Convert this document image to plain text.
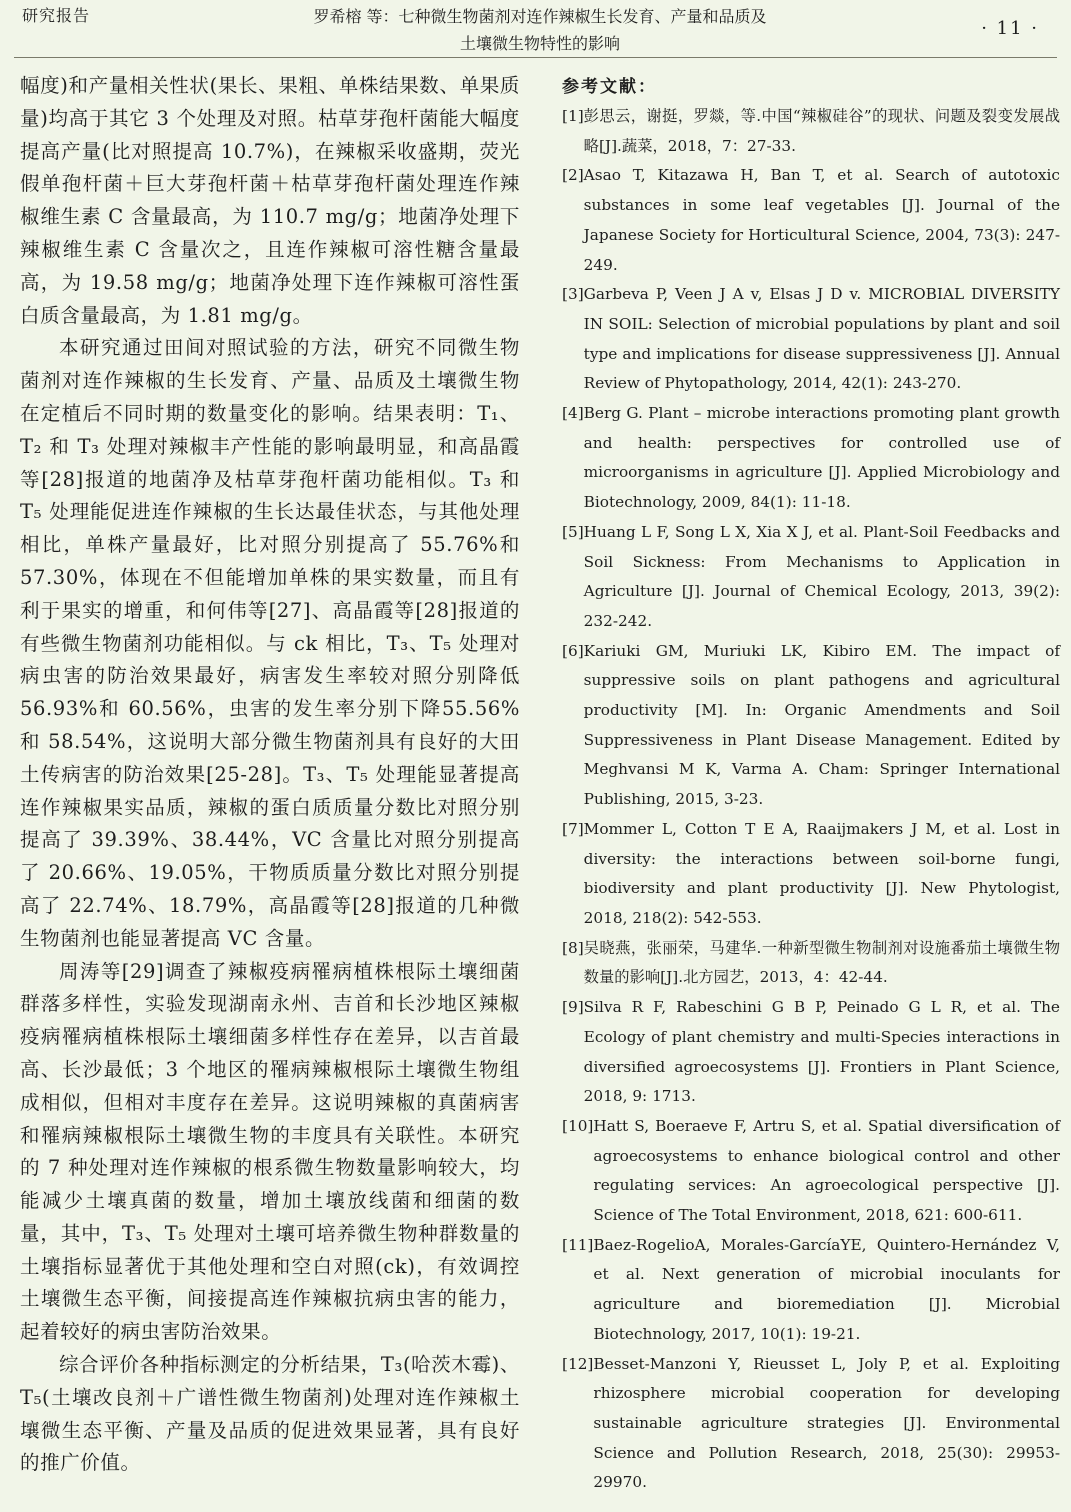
研究报告	罗希榕 等：七种微生物菌剂对连作辣椒生长发育、产量和品质及
土壤微生物特性的影响
· 11 ·

幅度)和产量相关性状(果长、果粗、单株结果数、单果质量)均高于其它 3 个处理及对照。枯草芽孢杆菌能大幅度提高产量(比对照提高 10.7%)，在辣椒采收盛期，荧光假单孢杆菌＋巨大芽孢杆菌＋枯草芽孢杆菌处理连作辣椒维生素 C 含量最高，为 110.7 mg/g；地菌净处理下辣椒维生素 C 含量次之，且连作辣椒可溶性糖含量最高，为 19.58 mg/g；地菌净处理下连作辣椒可溶性蛋白质含量最高，为 1.81 mg/g。

本研究通过田间对照试验的方法，研究不同微生物菌剂对连作辣椒的生长发育、产量、品质及土壤微生物在定植后不同时期的数量变化的影响。结果表明：T₁、T₂ 和 T₃ 处理对辣椒丰产性能的影响最明显，和高晶霞等[28]报道的地菌净及枯草芽孢杆菌功能相似。T₃ 和 T₅ 处理能促进连作辣椒的生长达最佳状态，与其他处理相比，单株产量最好，比对照分别提高了 55.76%和 57.30%，体现在不但能增加单株的果实数量，而且有利于果实的增重，和何伟等[27]、高晶霞等[28]报道的有些微生物菌剂功能相似。与 ck 相比，T₃、T₅ 处理对病虫害的防治效果最好，病害发生率较对照分别降低 56.93%和 60.56%，虫害的发生率分别下降55.56%和 58.54%，这说明大部分微生物菌剂具有良好的大田土传病害的防治效果[25-28]。T₃、T₅ 处理能显著提高连作辣椒果实品质，辣椒的蛋白质质量分数比对照分别提高了 39.39%、38.44%，VC 含量比对照分别提高了 20.66%、19.05%，干物质质量分数比对照分别提高了 22.74%、18.79%，高晶霞等[28]报道的几种微生物菌剂也能显著提高 VC 含量。

周涛等[29]调查了辣椒疫病罹病植株根际土壤细菌群落多样性，实验发现湖南永州、吉首和长沙地区辣椒疫病罹病植株根际土壤细菌多样性存在差异，以吉首最高、长沙最低；3 个地区的罹病辣椒根际土壤微生物组成相似，但相对丰度存在差异。这说明辣椒的真菌病害和罹病辣椒根际土壤微生物的丰度具有关联性。本研究的 7 种处理对连作辣椒的根系微生物数量影响较大，均能减少土壤真菌的数量，增加土壤放线菌和细菌的数量，其中，T₃、T₅ 处理对土壤可培养微生物种群数量的土壤指标显著优于其他处理和空白对照(ck)，有效调控土壤微生态平衡，间接提高连作辣椒抗病虫害的能力，起着较好的病虫害防治效果。

综合评价各种指标测定的分析结果，T₃(哈茨木霉)、T₅(土壤改良剂＋广谱性微生物菌剂)处理对连作辣椒土壤微生态平衡、产量及品质的促进效果显著，具有良好的推广价值。

参考文献：
[1] 彭思云，谢挺，罗燚，等.中国“辣椒硅谷”的现状、问题及裂变发展战略[J].蔬菜，2018，7：27-33.
[2] Asao T, Kitazawa H, Ban T, et al. Search of autotoxic substances in some leaf vegetables [J]. Journal of the Japanese Society for Horticultural Science, 2004, 73(3): 247-249.
[3] Garbeva P, Veen J A v, Elsas J D v. MICROBIAL DIVERSITY IN SOIL: Selection of microbial populations by plant and soil type and implications for disease suppressiveness [J]. Annual Review of Phytopathology, 2014, 42(1): 243-270.
[4] Berg G. Plant – microbe interactions promoting plant growth and health: perspectives for controlled use of microorganisms in agriculture [J]. Applied Microbiology and Biotechnology, 2009, 84(1): 11-18.
[5] Huang L F, Song L X, Xia X J, et al. Plant-Soil Feedbacks and Soil Sickness: From Mechanisms to Application in Agriculture [J]. Journal of Chemical Ecology, 2013, 39(2): 232-242.
[6] Kariuki GM, Muriuki LK, Kibiro EM. The impact of suppressive soils on plant pathogens and agricultural productivity [M]. In: Organic Amendments and Soil Suppressiveness in Plant Disease Management. Edited by Meghvansi M K, Varma A. Cham: Springer International Publishing, 2015, 3-23.
[7] Mommer L, Cotton T E A, Raaijmakers J M, et al. Lost in diversity: the interactions between soil-borne fungi, biodiversity and plant productivity [J]. New Phytologist, 2018, 218(2): 542-553.
[8] 吴晓燕，张丽荣，马建华.一种新型微生物制剂对设施番茄土壤微生物数量的影响[J].北方园艺，2013，4：42-44.
[9] Silva R F, Rabeschini G B P, Peinado G L R, et al. The Ecology of plant chemistry and multi-Species interactions in diversified agroecosystems [J]. Frontiers in Plant Science, 2018, 9: 1713.
[10] Hatt S, Boeraeve F, Artru S, et al. Spatial diversification of agroecosystems to enhance biological control and other regulating services: An agroecological perspective [J]. Science of The Total Environment, 2018, 621: 600-611.
[11] Baez-RogelioA, Morales-GarcíaYE, Quintero-Hernández V, et al. Next generation of microbial inoculants for agriculture and bioremediation [J]. Microbial Biotechnology, 2017, 10(1): 19-21.
[12] Besset-Manzoni Y, Rieusset L, Joly P, et al. Exploiting rhizosphere microbial cooperation for developing sustainable agriculture strategies [J]. Environmental Science and Pollution Research, 2018, 25(30): 29953-29970.
